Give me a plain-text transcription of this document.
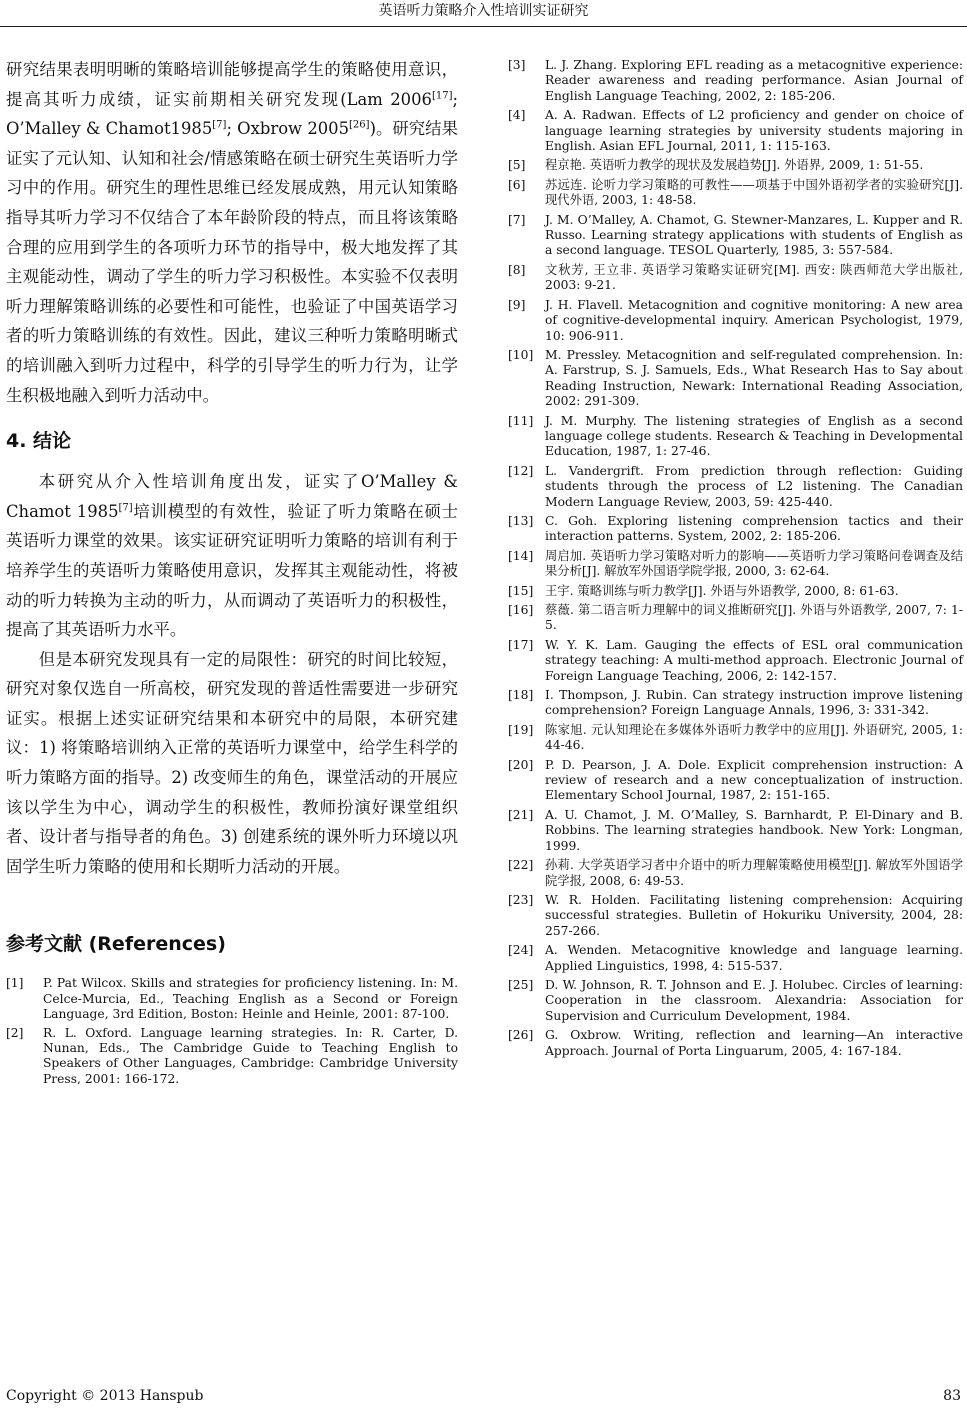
英语听力策略介入性培训实证研究

研究结果表明明晰的策略培训能够提高学生的策略使用意识，提高其听力成绩，证实前期相关研究发现(Lam 2006[17]; O’Malley & Chamot1985[7]; Oxbrow 2005[26])。研究结果证实了元认知、认知和社会/情感策略在硕士研究生英语听力学习中的作用。研究生的理性思维已经发展成熟，用元认知策略指导其听力学习不仅结合了本年龄阶段的特点，而且将该策略合理的应用到学生的各项听力环节的指导中，极大地发挥了其主观能动性，调动了学生的听力学习积极性。本实验不仅表明听力理解策略训练的必要性和可能性，也验证了中国英语学习者的听力策略训练的有效性。因此，建议三种听力策略明晰式的培训融入到听力过程中，科学的引导学生的听力行为，让学生积极地融入到听力活动中。

4. 结论

本研究从介入性培训角度出发，证实了O’Malley & Chamot 1985[7]培训模型的有效性，验证了听力策略在硕士英语听力课堂的效果。该实证研究证明听力策略的培训有利于培养学生的英语听力策略使用意识，发挥其主观能动性，将被动的听力转换为主动的听力，从而调动了英语听力的积极性，提高了其英语听力水平。

但是本研究发现具有一定的局限性：研究的时间比较短，研究对象仅选自一所高校，研究发现的普适性需要进一步研究证实。根据上述实证研究结果和本研究中的局限，本研究建议：1) 将策略培训纳入正常的英语听力课堂中，给学生科学的听力策略方面的指导。2) 改变师生的角色，课堂活动的开展应该以学生为中心，调动学生的积极性，教师扮演好课堂组织者、设计者与指导者的角色。3) 创建系统的课外听力环境以巩固学生听力策略的使用和长期听力活动的开展。

参考文献 (References)
[1] P. Pat Wilcox. Skills and strategies for proficiency listening. In: M. Celce-Murcia, Ed., Teaching English as a Second or Foreign Language, 3rd Edition, Boston: Heinle and Heinle, 2001: 87-100.
[2] R. L. Oxford. Language learning strategies. In: R. Carter, D. Nunan, Eds., The Cambridge Guide to Teaching English to Speakers of Other Languages, Cambridge: Cambridge University Press, 2001: 166-172.
[3] L. J. Zhang. Exploring EFL reading as a metacognitive experience: Reader awareness and reading performance. Asian Journal of English Language Teaching, 2002, 2: 185-206.
[4] A. A. Radwan. Effects of L2 proficiency and gender on choice of language learning strategies by university students majoring in English. Asian EFL Journal, 2011, 1: 115-163.
[5] 程京艳. 英语听力教学的现状及发展趋势[J]. 外语界, 2009, 1: 51-55.
[6] 苏远连. 论听力学习策略的可教性——项基于中国外语初学者的实验研究[J]. 现代外语, 2003, 1: 48-58.
[7] J. M. O’Malley, A. Chamot, G. Stewner-Manzares, L. Kupper and R. Russo. Learning strategy applications with students of English as a second language. TESOL Quarterly, 1985, 3: 557-584.
[8] 文秋芳, 王立非. 英语学习策略实证研究[M]. 西安: 陕西师范大学出版社, 2003: 9-21.
[9] J. H. Flavell. Metacognition and cognitive monitoring: A new area of cognitive-developmental inquiry. American Psychologist, 1979, 10: 906-911.
[10] M. Pressley. Metacognition and self-regulated comprehension. In: A. Farstrup, S. J. Samuels, Eds., What Research Has to Say about Reading Instruction, Newark: International Reading Association, 2002: 291-309.
[11] J. M. Murphy. The listening strategies of English as a second language college students. Research & Teaching in Developmental Education, 1987, 1: 27-46.
[12] L. Vandergrift. From prediction through reflection: Guiding students through the process of L2 listening. The Canadian Modern Language Review, 2003, 59: 425-440.
[13] C. Goh. Exploring listening comprehension tactics and their interaction patterns. System, 2002, 2: 185-206.
[14] 周启加. 英语听力学习策略对听力的影响——英语听力学习策略问卷调查及结果分析[J]. 解放军外国语学院学报, 2000, 3: 62-64.
[15] 王宇. 策略训练与听力教学[J]. 外语与外语教学, 2000, 8: 61-63.
[16] 蔡薇. 第二语言听力理解中的词义推断研究[J]. 外语与外语教学, 2007, 7: 1-5.
[17] W. Y. K. Lam. Gauging the effects of ESL oral communication strategy teaching: A multi-method approach. Electronic Journal of Foreign Language Teaching, 2006, 2: 142-157.
[18] I. Thompson, J. Rubin. Can strategy instruction improve listening comprehension? Foreign Language Annals, 1996, 3: 331-342.
[19] 陈家旭. 元认知理论在多媒体外语听力教学中的应用[J]. 外语研究, 2005, 1: 44-46.
[20] P. D. Pearson, J. A. Dole. Explicit comprehension instruction: A review of research and a new conceptualization of instruction. Elementary School Journal, 1987, 2: 151-165.
[21] A. U. Chamot, J. M. O’Malley, S. Barnhardt, P. El-Dinary and B. Robbins. The learning strategies handbook. New York: Longman, 1999.
[22] 孙莉. 大学英语学习者中介语中的听力理解策略使用模型[J]. 解放军外国语学院学报, 2008, 6: 49-53.
[23] W. R. Holden. Facilitating listening comprehension: Acquiring successful strategies. Bulletin of Hokuriku University, 2004, 28: 257-266.
[24] A. Wenden. Metacognitive knowledge and language learning. Applied Linguistics, 1998, 4: 515-537.
[25] D. W. Johnson, R. T. Johnson and E. J. Holubec. Circles of learning: Cooperation in the classroom. Alexandria: Association for Supervision and Curriculum Development, 1984.
[26] G. Oxbrow. Writing, reflection and learning—An interactive Approach. Journal of Porta Linguarum, 2005, 4: 167-184.
Copyright © 2013 Hanspub	83
